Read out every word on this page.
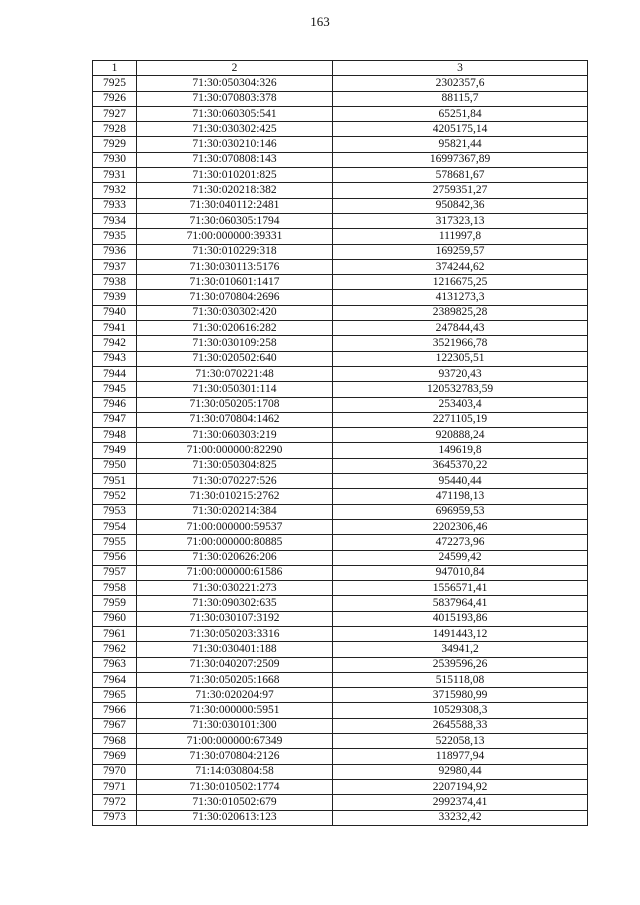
163
1	2	3
7925	71:30:050304:326	2302357,6
7926	71:30:070803:378	88115,7
7927	71:30:060305:541	65251,84
7928	71:30:030302:425	4205175,14
7929	71:30:030210:146	95821,44
7930	71:30:070808:143	16997367,89
7931	71:30:010201:825	578681,67
7932	71:30:020218:382	2759351,27
7933	71:30:040112:2481	950842,36
7934	71:30:060305:1794	317323,13
7935	71:00:000000:39331	111997,8
7936	71:30:010229:318	169259,57
7937	71:30:030113:5176	374244,62
7938	71:30:010601:1417	1216675,25
7939	71:30:070804:2696	4131273,3
7940	71:30:030302:420	2389825,28
7941	71:30:020616:282	247844,43
7942	71:30:030109:258	3521966,78
7943	71:30:020502:640	122305,51
7944	71:30:070221:48	93720,43
7945	71:30:050301:114	120532783,59
7946	71:30:050205:1708	253403,4
7947	71:30:070804:1462	2271105,19
7948	71:30:060303:219	920888,24
7949	71:00:000000:82290	149619,8
7950	71:30:050304:825	3645370,22
7951	71:30:070227:526	95440,44
7952	71:30:010215:2762	471198,13
7953	71:30:020214:384	696959,53
7954	71:00:000000:59537	2202306,46
7955	71:00:000000:80885	472273,96
7956	71:30:020626:206	24599,42
7957	71:00:000000:61586	947010,84
7958	71:30:030221:273	1556571,41
7959	71:30:090302:635	5837964,41
7960	71:30:030107:3192	4015193,86
7961	71:30:050203:3316	1491443,12
7962	71:30:030401:188	34941,2
7963	71:30:040207:2509	2539596,26
7964	71:30:050205:1668	515118,08
7965	71:30:020204:97	3715980,99
7966	71:30:000000:5951	10529308,3
7967	71:30:030101:300	2645588,33
7968	71:00:000000:67349	522058,13
7969	71:30:070804:2126	118977,94
7970	71:14:030804:58	92980,44
7971	71:30:010502:1774	2207194,92
7972	71:30:010502:679	2992374,41
7973	71:30:020613:123	33232,42
